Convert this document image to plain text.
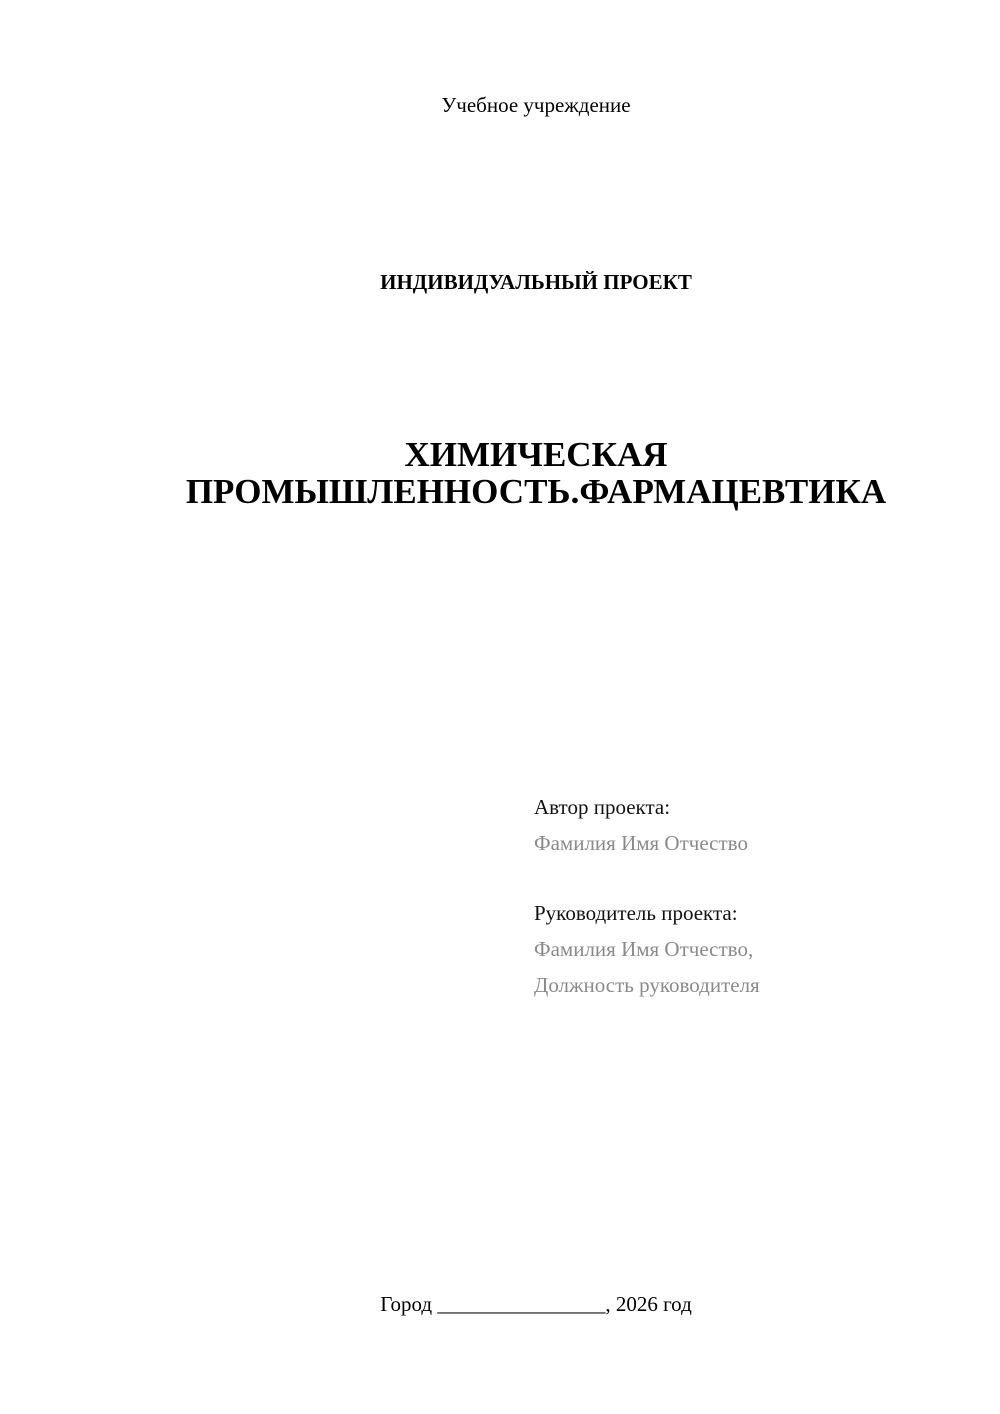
Учебное учреждение
ИНДИВИДУАЛЬНЫЙ ПРОЕКТ
ХИМИЧЕСКАЯ
ПРОМЫШЛЕННОСТЬ.ФАРМАЦЕВТИКА
Автор проекта:
Фамилия Имя Отчество
Руководитель проекта:
Фамилия Имя Отчество,
Должность руководителя
Город ________________, 2026 год
